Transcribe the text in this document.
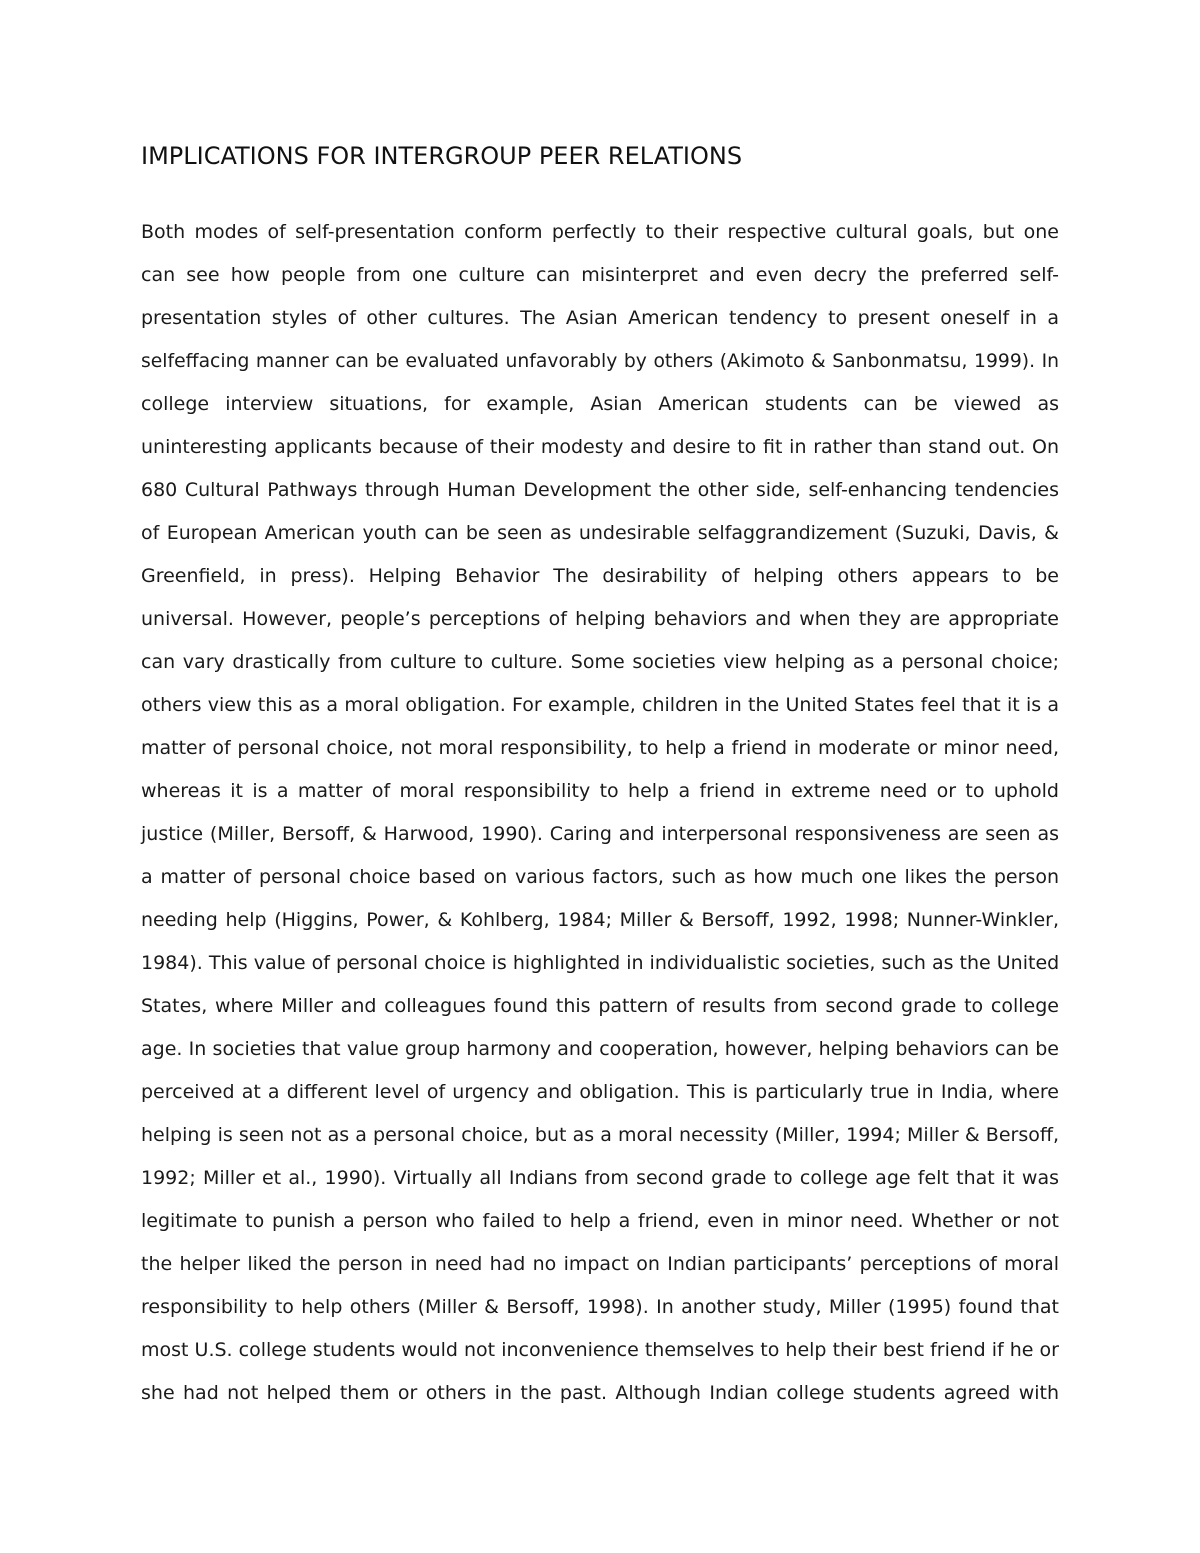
IMPLICATIONS FOR INTERGROUP PEER RELATIONS
Both modes of self-presentation conform perfectly to their respective cultural goals, but one
can see how people from one culture can misinterpret and even decry the preferred self-
presentation styles of other cultures. The Asian American tendency to present oneself in a
selfeffacing manner can be evaluated unfavorably by others (Akimoto & Sanbonmatsu, 1999). In
college interview situations, for example, Asian American students can be viewed as
uninteresting applicants because of their modesty and desire to fit in rather than stand out. On
680 Cultural Pathways through Human Development the other side, self-enhancing tendencies
of European American youth can be seen as undesirable selfaggrandizement (Suzuki, Davis, &
Greenfield, in press). Helping Behavior The desirability of helping others appears to be
universal. However, people’s perceptions of helping behaviors and when they are appropriate
can vary drastically from culture to culture. Some societies view helping as a personal choice;
others view this as a moral obligation. For example, children in the United States feel that it is a
matter of personal choice, not moral responsibility, to help a friend in moderate or minor need,
whereas it is a matter of moral responsibility to help a friend in extreme need or to uphold
justice (Miller, Bersoff, & Harwood, 1990). Caring and interpersonal responsiveness are seen as
a matter of personal choice based on various factors, such as how much one likes the person
needing help (Higgins, Power, & Kohlberg, 1984; Miller & Bersoff, 1992, 1998; Nunner-Winkler,
1984). This value of personal choice is highlighted in individualistic societies, such as the United
States, where Miller and colleagues found this pattern of results from second grade to college
age. In societies that value group harmony and cooperation, however, helping behaviors can be
perceived at a different level of urgency and obligation. This is particularly true in India, where
helping is seen not as a personal choice, but as a moral necessity (Miller, 1994; Miller & Bersoff,
1992; Miller et al., 1990). Virtually all Indians from second grade to college age felt that it was
legitimate to punish a person who failed to help a friend, even in minor need. Whether or not
the helper liked the person in need had no impact on Indian participants’ perceptions of moral
responsibility to help others (Miller & Bersoff, 1998). In another study, Miller (1995) found that
most U.S. college students would not inconvenience themselves to help their best friend if he or
she had not helped them or others in the past. Although Indian college students agreed with
